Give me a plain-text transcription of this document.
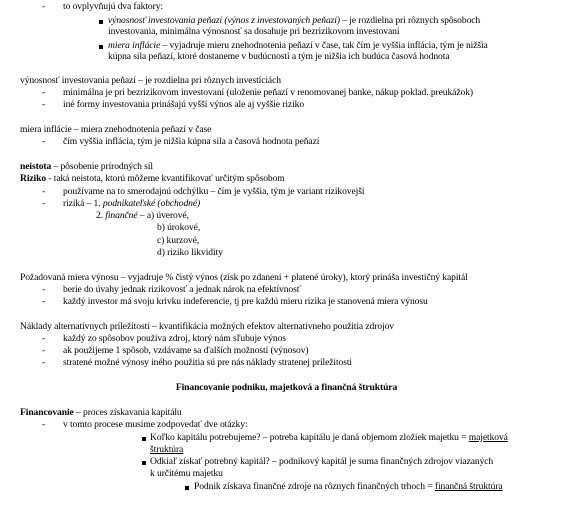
-
to ovplyvňujú dva faktory:
výnosnosť investovania peňazí (výnos z investovaných peňazí) – je rozdielna pri rôznych spôsoboch
investovania, minimálna výnosnosť sa dosahuje pri bezrizikovom investovaní
miera inflácie – vyjadruje mieru znehodnotenia peňazí v čase, tak čím je vyššia inflácia, tým je nižšia
kúpna sila peňazí, ktoré dostaneme v budúcnosti a tým je nižšia ich budúca časová hodnota
výnosnosť investovania peňazí – je rozdielna pri rôznych investíciách
-
minimálna je pri bezrizikovom investovaní (uloženie peňazí v renomovanej banke, nákup poklad. preukážok)
-
iné formy investovania prinášajú vyšší výnos ale aj vyššie riziko
miera inflácie – miera znehodnotenia peňazí v čase
-
čím vyššia inflácia, tým je nižšia kúpna sila a časová hodnota peňazí
neistota – pôsobenie prírodných síl
Riziko - taká neistota, ktorú môžeme kvantifikovať určitým spôsobom
-
používame na to smerodajnú odchýlku – čím je vyššia, tým je variant rizikovejší
-
riziká – 1. podnikateľské (obchodné)
2. finančné – a) úverové,
b) úrokové,
c) kurzové,
d) riziko likvidity
Požadovaná miera výnosu – vyjadruje % čistý výnos (zisk po zdanení + platené úroky), ktorý prináša investičný kapitál
-
berie do úvahy jednak rizikovosť a jednak nárok na efektívnosť
-
každý investor má svoju krivku indeferencie, tj pre každú mieru rizika je stanovená miera výnosu
Náklady alternatívnych príležitostí – kvantifikácia možných efektov alternatívneho použitia zdrojov
-
každý zo spôsobov používa zdroj, ktorý nám sľubuje výnos
-
ak použijeme 1 spôsob, vzdávame sa ďalších možností (výnosov)
-
stratené možné výnosy iného použitia sú pre nás náklady stratenej príležitosti
Financovanie podniku, majetková a finančná štruktúra
Financovanie – proces získavania kapitálu
-
v tomto procese musíme zodpovedať dve otázky:
Koľko kapitálu potrebujeme? – potreba kapitálu je daná objemom zložiek majetku = majetková
štruktúra
Odkiaľ získať potrebný kapitál? – podnikový kapitál je suma finančných zdrojov viazaných
k určitému majetku
Podnik získava finančné zdroje na rôznych finančných trhoch = finančná štruktúra
